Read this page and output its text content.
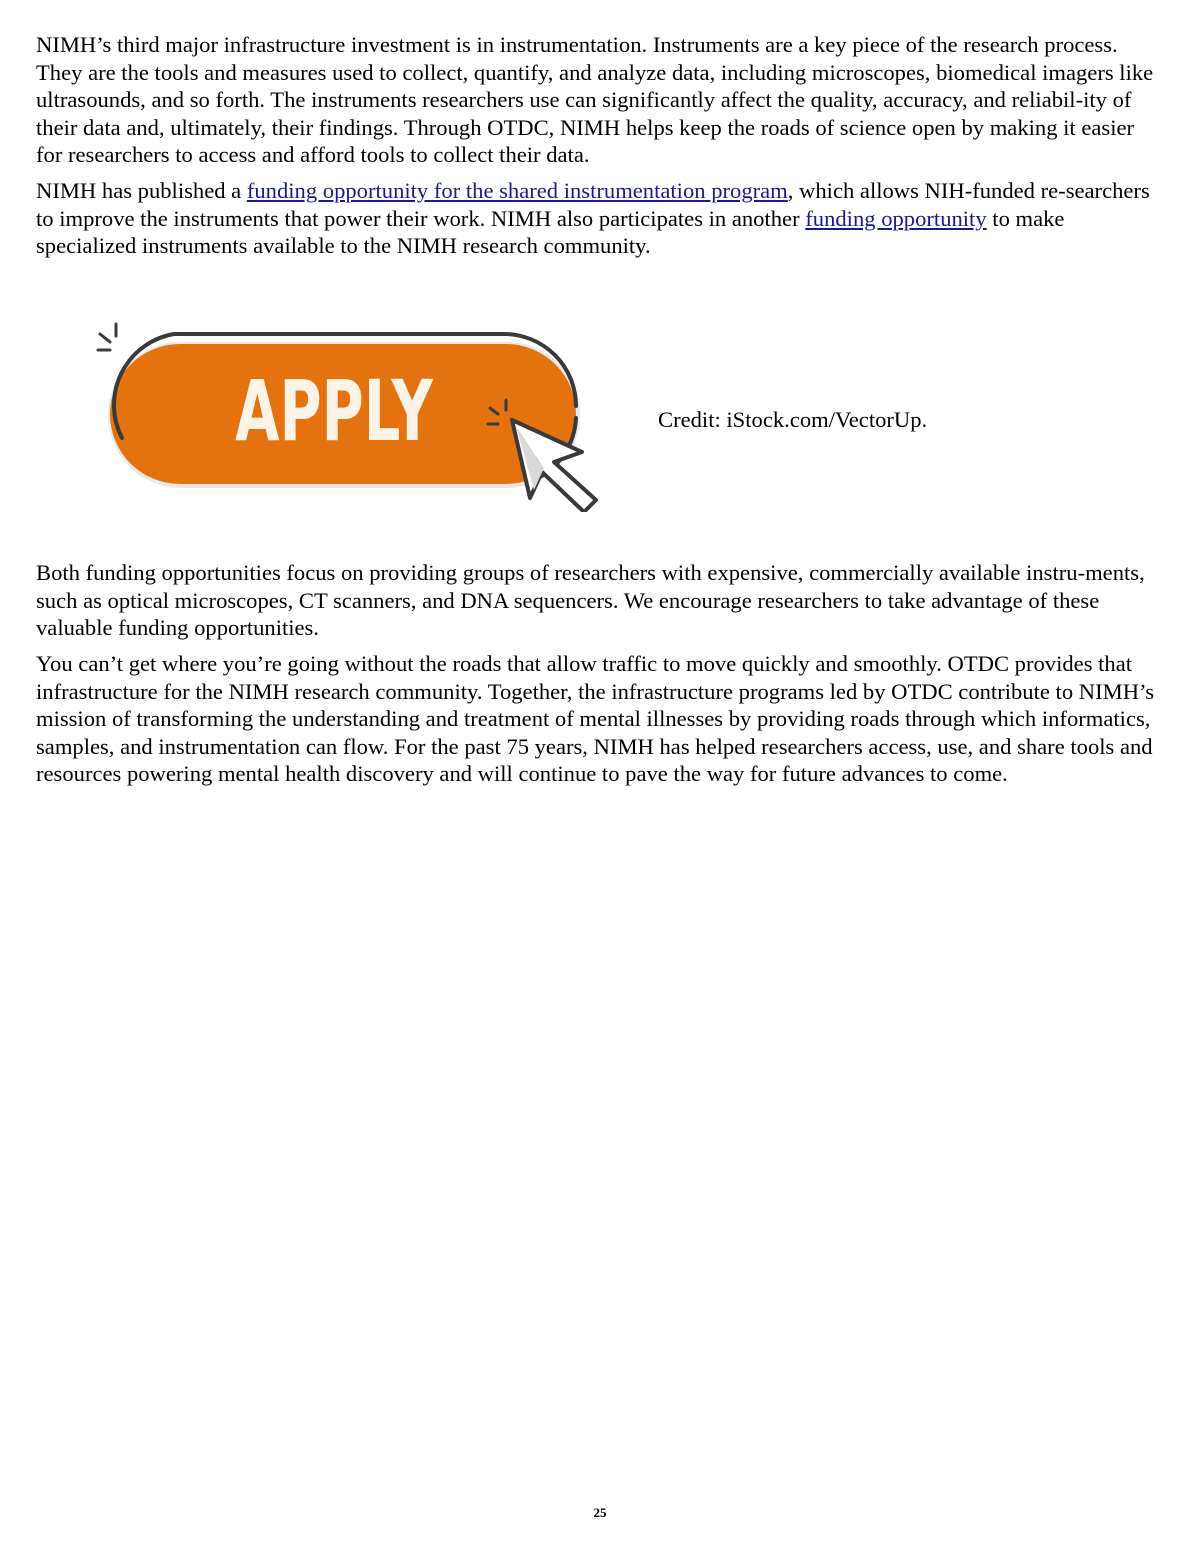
NIMH’s third major infrastructure investment is in instrumentation. Instruments are a key piece of the research process. They are the tools and measures used to collect, quantify, and analyze data, including microscopes, biomedical imagers like ultrasounds, and so forth. The instruments researchers use can significantly affect the quality, accuracy, and reliabil-ity of their data and, ultimately, their findings. Through OTDC, NIMH helps keep the roads of science open by making it easier for researchers to access and afford tools to collect their data.

NIMH has published a funding opportunity for the shared instrumentation program, which allows NIH-funded re-searchers to improve the instruments that power their work. NIMH also participates in another funding opportunity to make specialized instruments available to the NIMH research community.

APPLY	Credit: iStock.com/VectorUp.

Both funding opportunities focus on providing groups of researchers with expensive, commercially available instru-ments, such as optical microscopes, CT scanners, and DNA sequencers. We encourage researchers to take advantage of these valuable funding opportunities.

You can’t get where you’re going without the roads that allow traffic to move quickly and smoothly. OTDC provides that infrastructure for the NIMH research community. Together, the infrastructure programs led by OTDC contribute to NIMH’s mission of transforming the understanding and treatment of mental illnesses by providing roads through which informatics, samples, and instrumentation can flow. For the past 75 years, NIMH has helped researchers access, use, and share tools and resources powering mental health discovery and will continue to pave the way for future advances to come.

25
